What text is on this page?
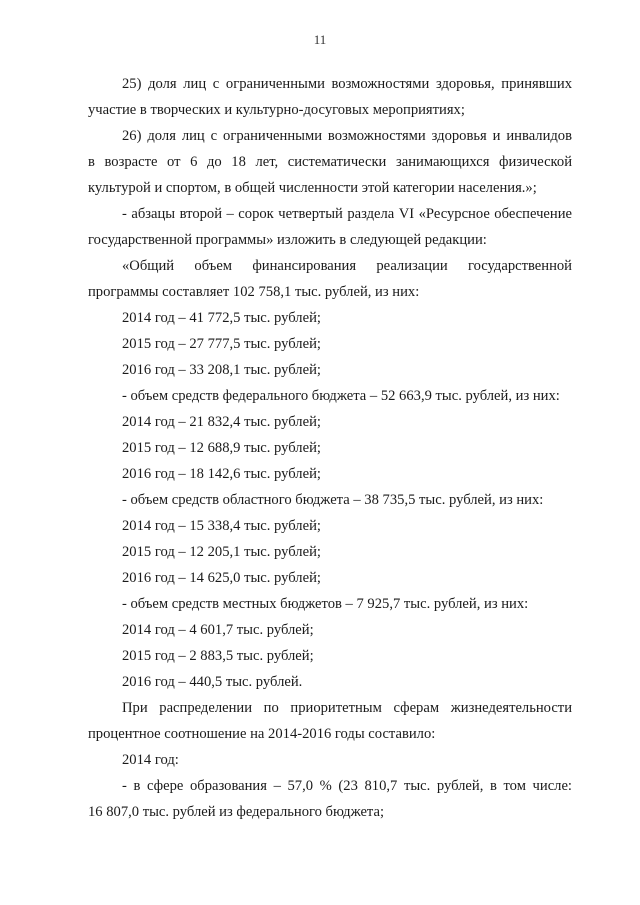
11
25) доля лиц с ограниченными возможностями здоровья, принявших
участие в творческих и культурно-досуговых мероприятиях;
26) доля лиц с ограниченными возможностями здоровья и инвалидов
в возрасте от 6 до 18 лет, систематически занимающихся физической
культурой и спортом, в общей численности этой категории населения.»;
- абзацы второй – сорок четвертый раздела VI «Ресурсное обеспечение
государственной программы» изложить в следующей редакции:
«Общий объем финансирования реализации государственной
программы составляет 102 758,1 тыс. рублей, из них:
2014 год – 41 772,5 тыс. рублей;
2015 год – 27 777,5 тыс. рублей;
2016 год – 33 208,1 тыс. рублей;
- объем средств федерального бюджета – 52 663,9 тыс. рублей, из них:
2014 год – 21 832,4 тыс. рублей;
2015 год – 12 688,9 тыс. рублей;
2016 год – 18 142,6 тыс. рублей;
- объем средств областного бюджета – 38 735,5 тыс. рублей, из них:
2014 год – 15 338,4 тыс. рублей;
2015 год – 12 205,1 тыс. рублей;
2016 год – 14 625,0 тыс. рублей;
- объем средств местных бюджетов – 7 925,7 тыс. рублей, из них:
2014 год – 4 601,7 тыс. рублей;
2015 год – 2 883,5 тыс. рублей;
2016 год – 440,5 тыс. рублей.
При распределении по приоритетным сферам жизнедеятельности
процентное соотношение на 2014-2016 годы составило:
2014 год:
- в сфере образования – 57,0 % (23 810,7 тыс. рублей, в том числе:
16 807,0 тыс. рублей из федерального бюджета;
